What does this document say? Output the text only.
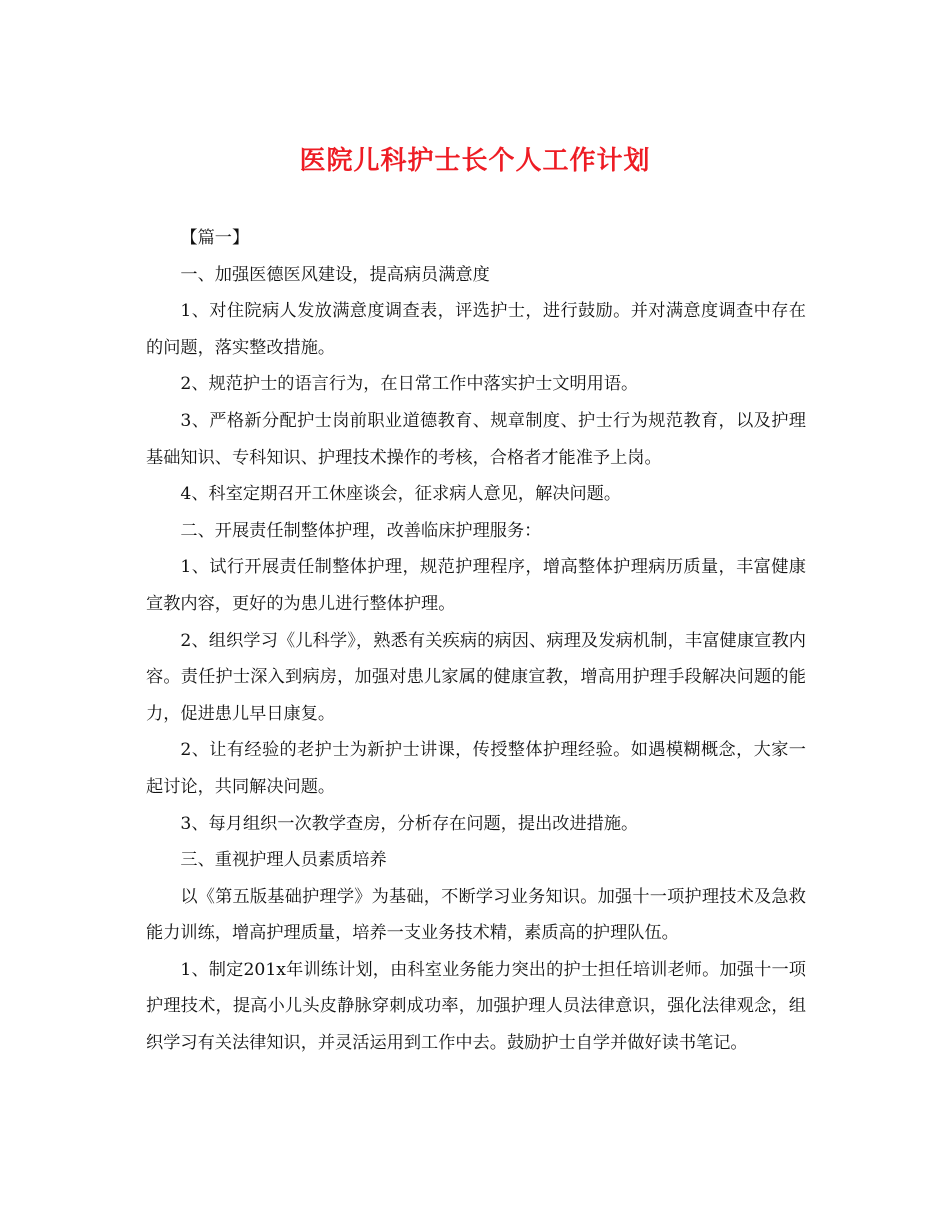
医院儿科护士长个人工作计划

【篇一】

一、加强医德医风建设，提高病员满意度

1、对住院病人发放满意度调查表，评选护士，进行鼓励。并对满意度调查中存在的问题，落实整改措施。

2、规范护士的语言行为，在日常工作中落实护士文明用语。

3、严格新分配护士岗前职业道德教育、规章制度、护士行为规范教育，以及护理基础知识、专科知识、护理技术操作的考核，合格者才能准予上岗。

4、科室定期召开工休座谈会，征求病人意见，解决问题。

二、开展责任制整体护理，改善临床护理服务：

1、试行开展责任制整体护理，规范护理程序，增高整体护理病历质量，丰富健康宣教内容，更好的为患儿进行整体护理。

2、组织学习《儿科学》，熟悉有关疾病的病因、病理及发病机制，丰富健康宣教内容。责任护士深入到病房，加强对患儿家属的健康宣教，增高用护理手段解决问题的能力，促进患儿早日康复。

2、让有经验的老护士为新护士讲课，传授整体护理经验。如遇模糊概念，大家一起讨论，共同解决问题。

3、每月组织一次教学查房，分析存在问题，提出改进措施。

三、重视护理人员素质培养

以《第五版基础护理学》为基础，不断学习业务知识。加强十一项护理技术及急救能力训练，增高护理质量，培养一支业务技术精，素质高的护理队伍。

1、制定201x年训练计划，由科室业务能力突出的护士担任培训老师。加强十一项护理技术，提高小儿头皮静脉穿刺成功率，加强护理人员法律意识，强化法律观念，组织学习有关法律知识，并灵活运用到工作中去。鼓励护士自学并做好读书笔记。
